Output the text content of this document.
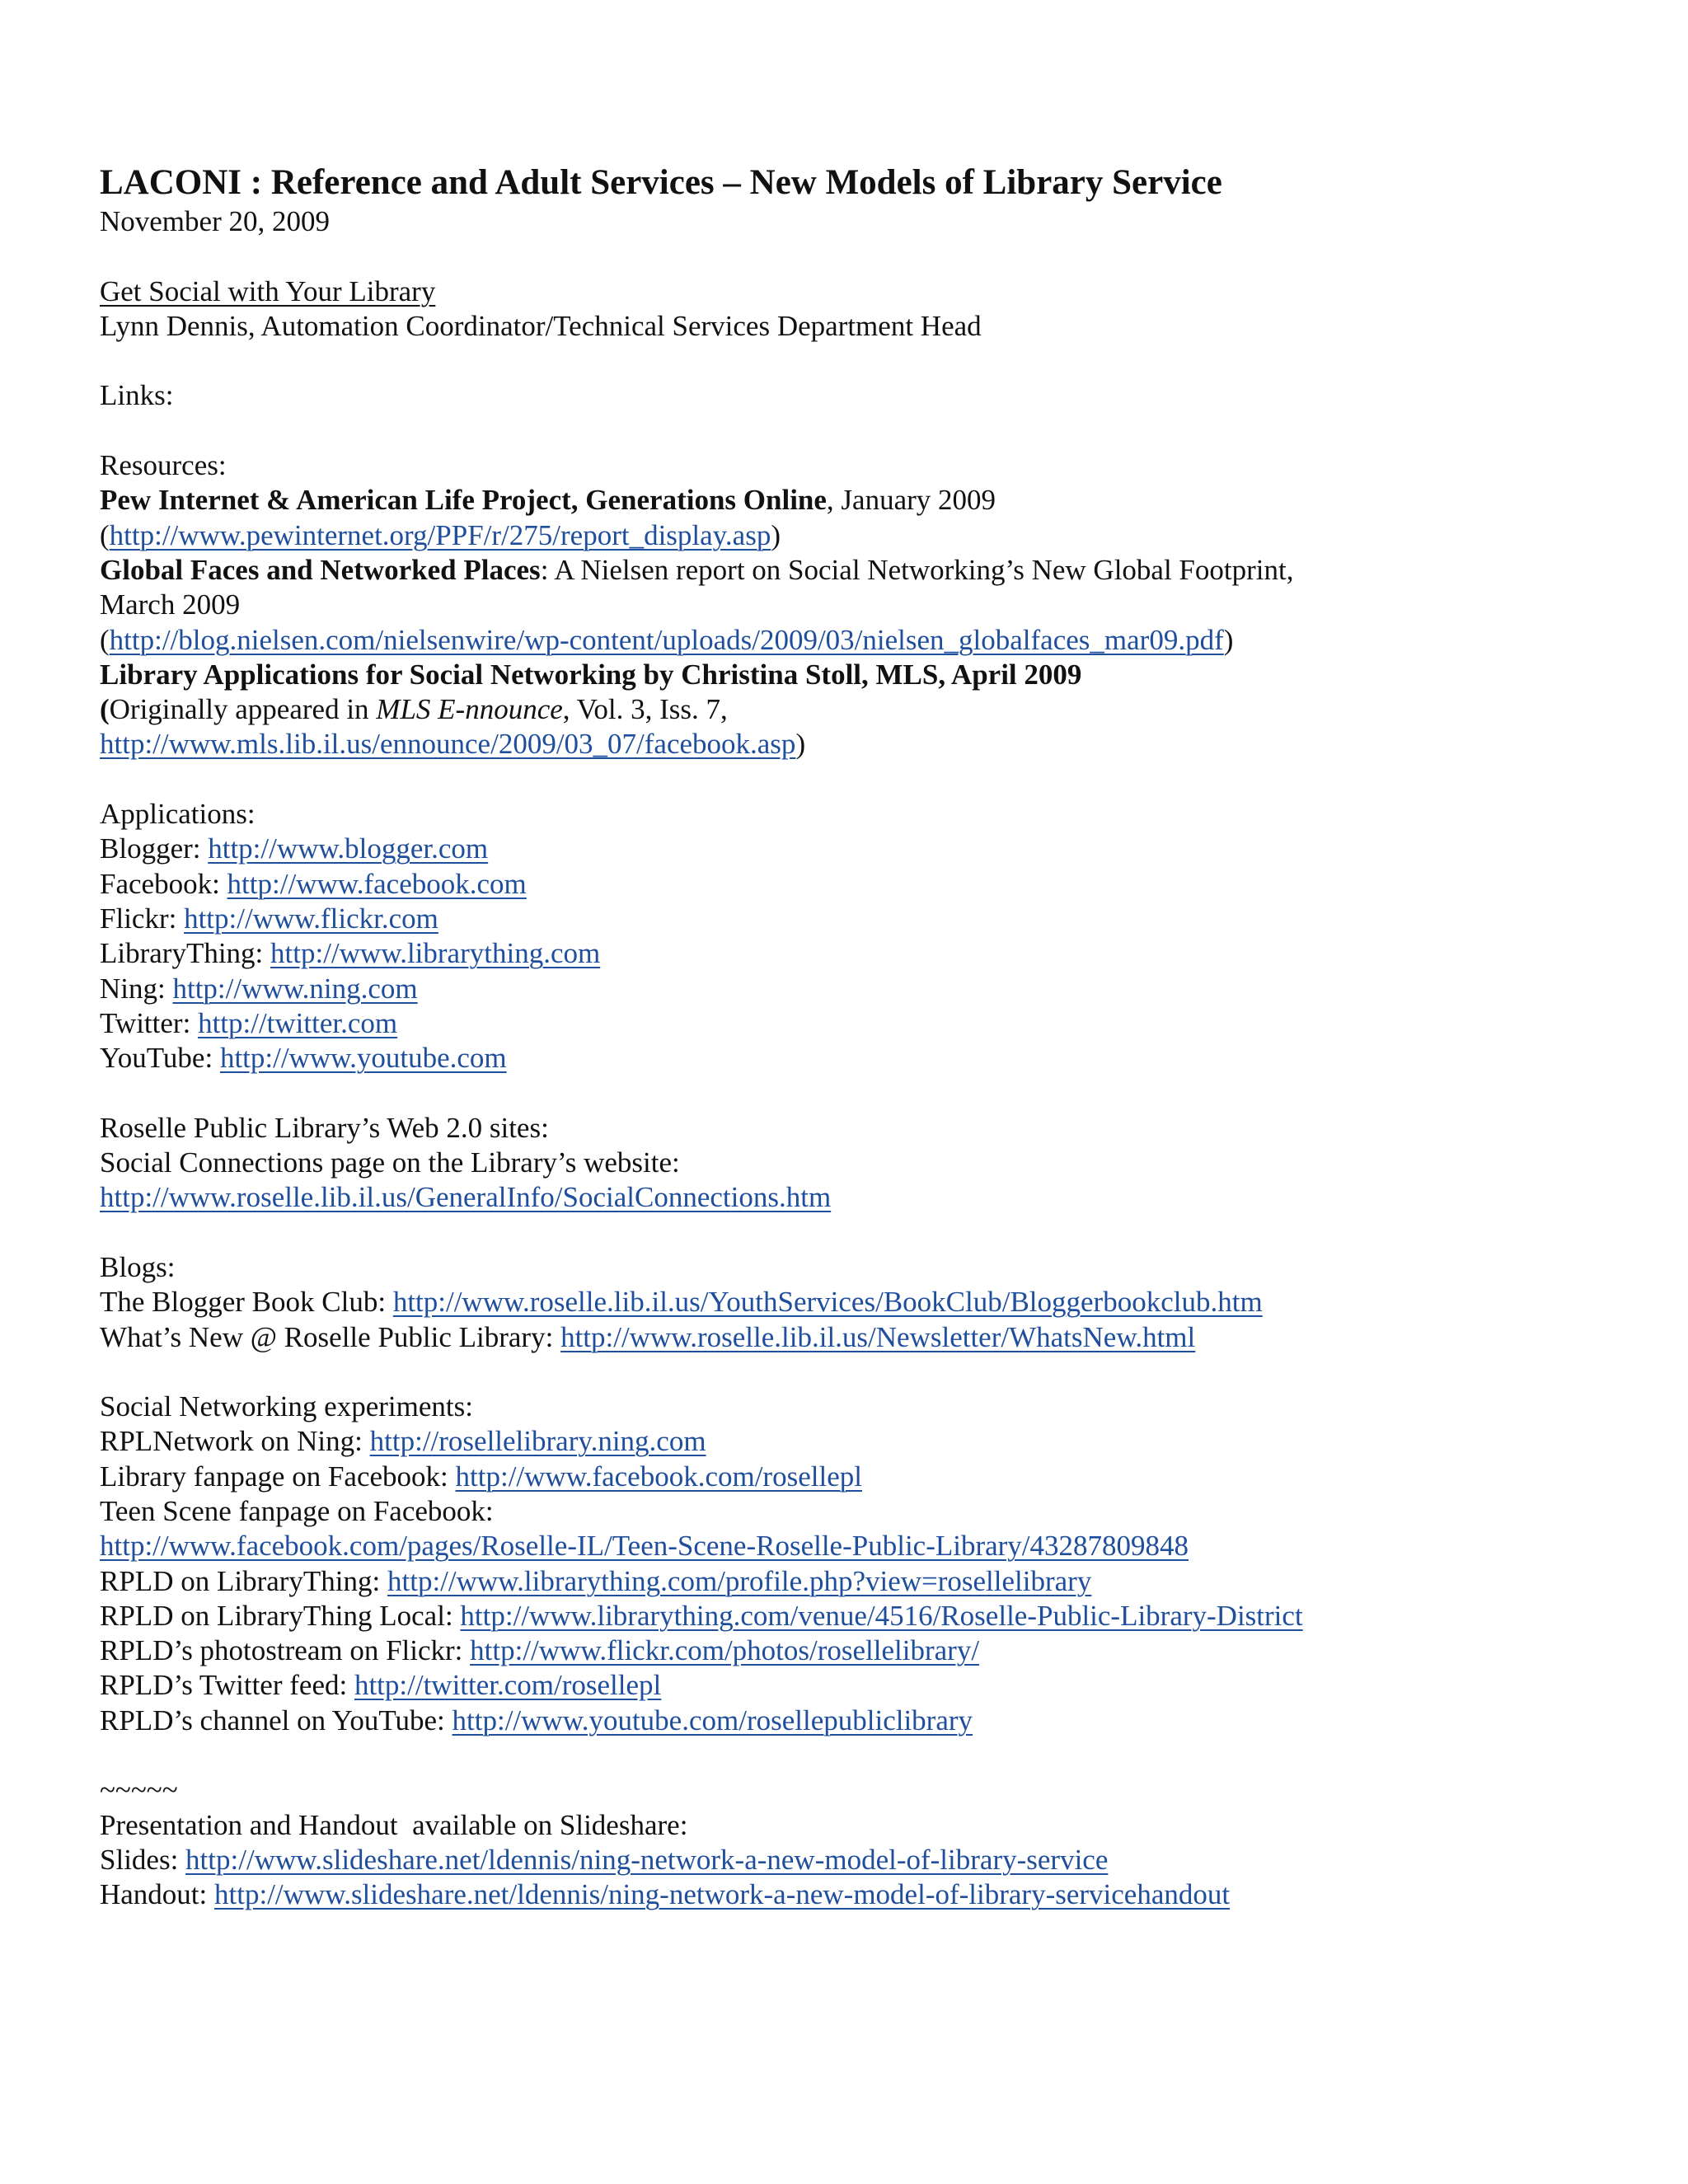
LACONI : Reference and Adult Services – New Models of Library Service
November 20, 2009
Get Social with Your Library
Lynn Dennis, Automation Coordinator/Technical Services Department Head
Links:
Resources:
Pew Internet & American Life Project, Generations Online, January 2009
(http://www.pewinternet.org/PPF/r/275/report_display.asp)
Global Faces and Networked Places: A Nielsen report on Social Networking’s New Global Footprint,
March 2009
(http://blog.nielsen.com/nielsenwire/wp-content/uploads/2009/03/nielsen_globalfaces_mar09.pdf)
Library Applications for Social Networking by Christina Stoll, MLS, April 2009
(Originally appeared in MLS E-nnounce, Vol. 3, Iss. 7,
http://www.mls.lib.il.us/ennounce/2009/03_07/facebook.asp)
Applications:
Blogger: http://www.blogger.com
Facebook: http://www.facebook.com
Flickr: http://www.flickr.com
LibraryThing: http://www.librarything.com
Ning: http://www.ning.com
Twitter: http://twitter.com
YouTube: http://www.youtube.com
Roselle Public Library’s Web 2.0 sites:
Social Connections page on the Library’s website:
http://www.roselle.lib.il.us/GeneralInfo/SocialConnections.htm
Blogs:
The Blogger Book Club: http://www.roselle.lib.il.us/YouthServices/BookClub/Bloggerbookclub.htm
What’s New @ Roselle Public Library: http://www.roselle.lib.il.us/Newsletter/WhatsNew.html
Social Networking experiments:
RPLNetwork on Ning: http://rosellelibrary.ning.com
Library fanpage on Facebook: http://www.facebook.com/rosellepl
Teen Scene fanpage on Facebook:
http://www.facebook.com/pages/Roselle-IL/Teen-Scene-Roselle-Public-Library/43287809848
RPLD on LibraryThing: http://www.librarything.com/profile.php?view=rosellelibrary
RPLD on LibraryThing Local: http://www.librarything.com/venue/4516/Roselle-Public-Library-District
RPLD’s photostream on Flickr: http://www.flickr.com/photos/rosellelibrary/
RPLD’s Twitter feed: http://twitter.com/rosellepl
RPLD’s channel on YouTube: http://www.youtube.com/rosellepubliclibrary
~~~~~
Presentation and Handout  available on Slideshare:
Slides: http://www.slideshare.net/ldennis/ning-network-a-new-model-of-library-service
Handout: http://www.slideshare.net/ldennis/ning-network-a-new-model-of-library-servicehandout
